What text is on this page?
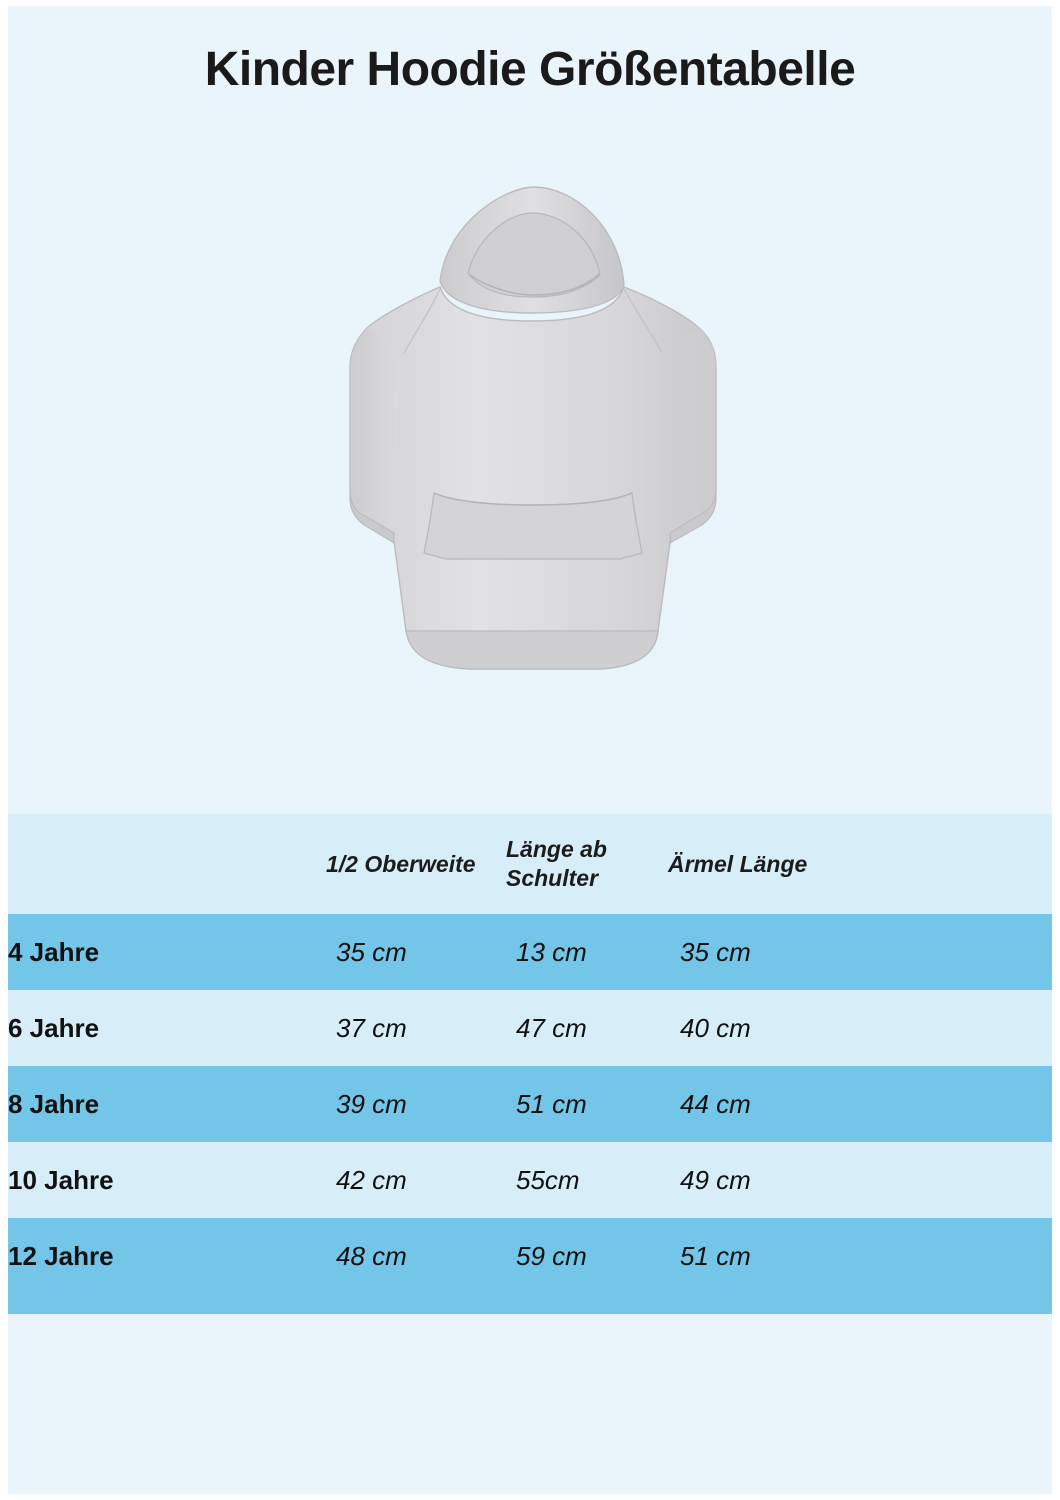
Kinder Hoodie Größentabelle
	1/2 Oberweite	Länge ab Schulter	Ärmel Länge
4 Jahre	35 cm	13 cm	35 cm
6 Jahre	37 cm	47 cm	40 cm
8 Jahre	39 cm	51 cm	44 cm
10 Jahre	42 cm	55cm	49 cm
12 Jahre	48 cm	59 cm	51 cm
